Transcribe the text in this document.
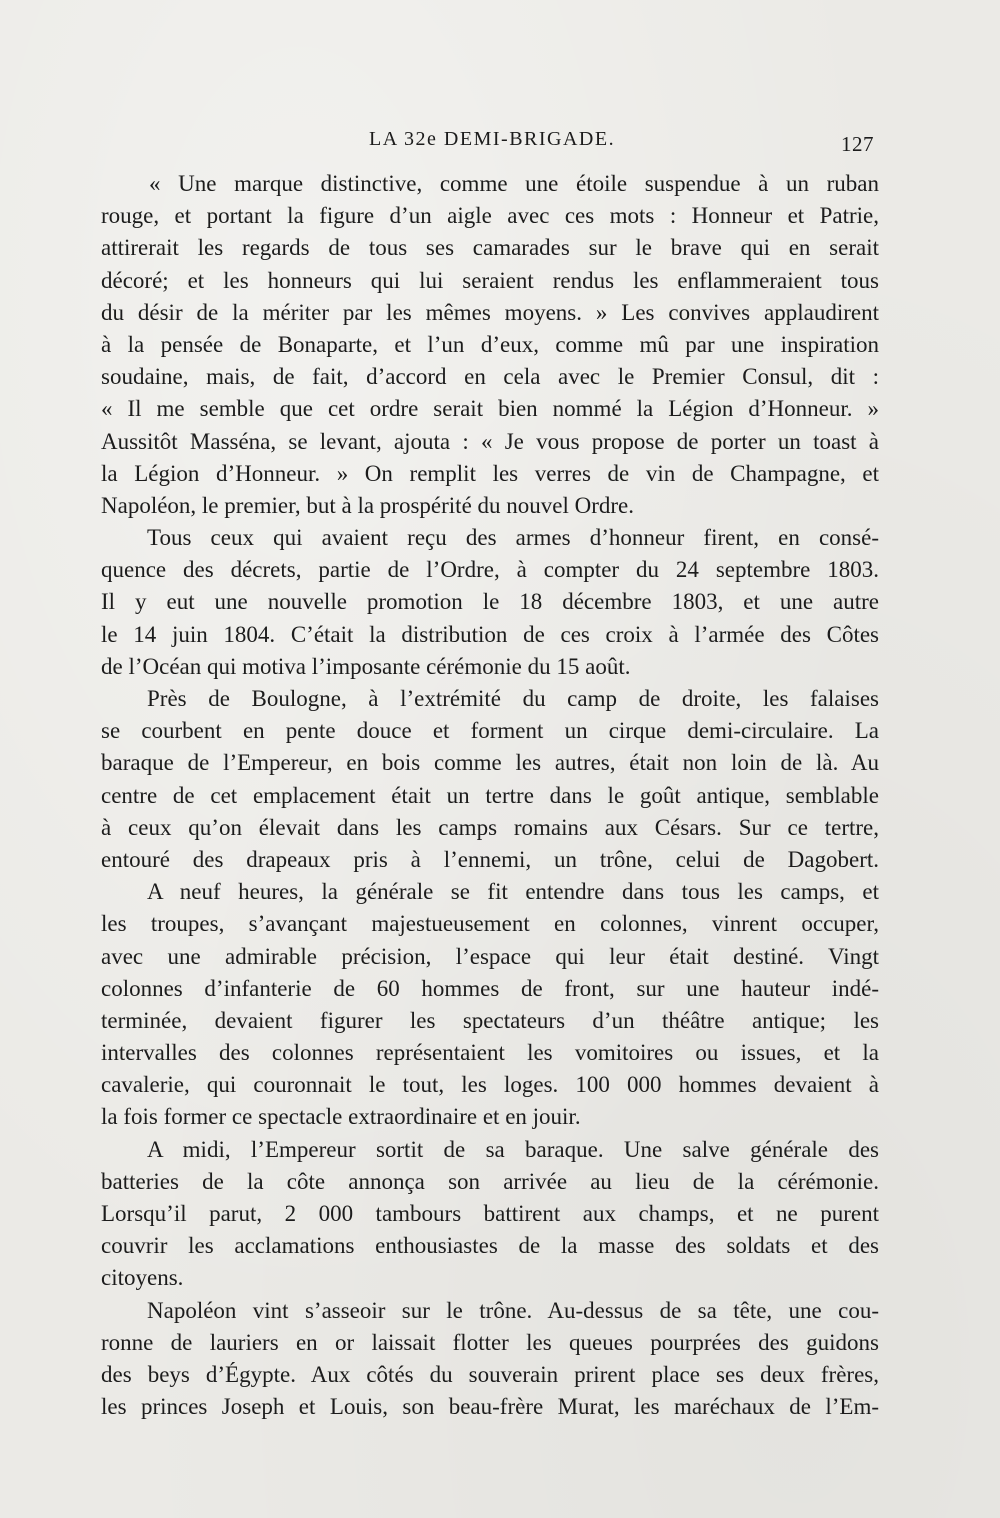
LA 32e DEMI-BRIGADE.	127
« Une marque distinctive, comme une étoile suspendue à un ruban
rouge, et portant la figure d’un aigle avec ces mots : Honneur et Patrie,
attirerait les regards de tous ses camarades sur le brave qui en serait
décoré; et les honneurs qui lui seraient rendus les enflammeraient tous
du désir de la mériter par les mêmes moyens. » Les convives applaudirent
à la pensée de Bonaparte, et l’un d’eux, comme mû par une inspiration
soudaine, mais, de fait, d’accord en cela avec le Premier Consul, dit :
« Il me semble que cet ordre serait bien nommé la Légion d’Honneur. »
Aussitôt Masséna, se levant, ajouta : « Je vous propose de porter un toast à
la Légion d’Honneur. » On remplit les verres de vin de Champagne, et
Napoléon, le premier, but à la prospérité du nouvel Ordre.
Tous ceux qui avaient reçu des armes d’honneur firent, en consé-
quence des décrets, partie de l’Ordre, à compter du 24 septembre 1803.
Il y eut une nouvelle promotion le 18 décembre 1803, et une autre
le 14 juin 1804. C’était la distribution de ces croix à l’armée des Côtes
de l’Océan qui motiva l’imposante cérémonie du 15 août.
Près de Boulogne, à l’extrémité du camp de droite, les falaises
se courbent en pente douce et forment un cirque demi-circulaire. La
baraque de l’Empereur, en bois comme les autres, était non loin de là. Au
centre de cet emplacement était un tertre dans le goût antique, semblable
à ceux qu’on élevait dans les camps romains aux Césars. Sur ce tertre,
entouré des drapeaux pris à l’ennemi, un trône, celui de Dagobert.
A neuf heures, la générale se fit entendre dans tous les camps, et
les troupes, s’avançant majestueusement en colonnes, vinrent occuper,
avec une admirable précision, l’espace qui leur était destiné. Vingt
colonnes d’infanterie de 60 hommes de front, sur une hauteur indé-
terminée, devaient figurer les spectateurs d’un théâtre antique; les
intervalles des colonnes représentaient les vomitoires ou issues, et la
cavalerie, qui couronnait le tout, les loges. 100 000 hommes devaient à
la fois former ce spectacle extraordinaire et en jouir.
A midi, l’Empereur sortit de sa baraque. Une salve générale des
batteries de la côte annonça son arrivée au lieu de la cérémonie.
Lorsqu’il parut, 2 000 tambours battirent aux champs, et ne purent
couvrir les acclamations enthousiastes de la masse des soldats et des
citoyens.
Napoléon vint s’asseoir sur le trône. Au-dessus de sa tête, une cou-
ronne de lauriers en or laissait flotter les queues pourprées des guidons
des beys d’Égypte. Aux côtés du souverain prirent place ses deux frères,
les princes Joseph et Louis, son beau-frère Murat, les maréchaux de l’Em-
